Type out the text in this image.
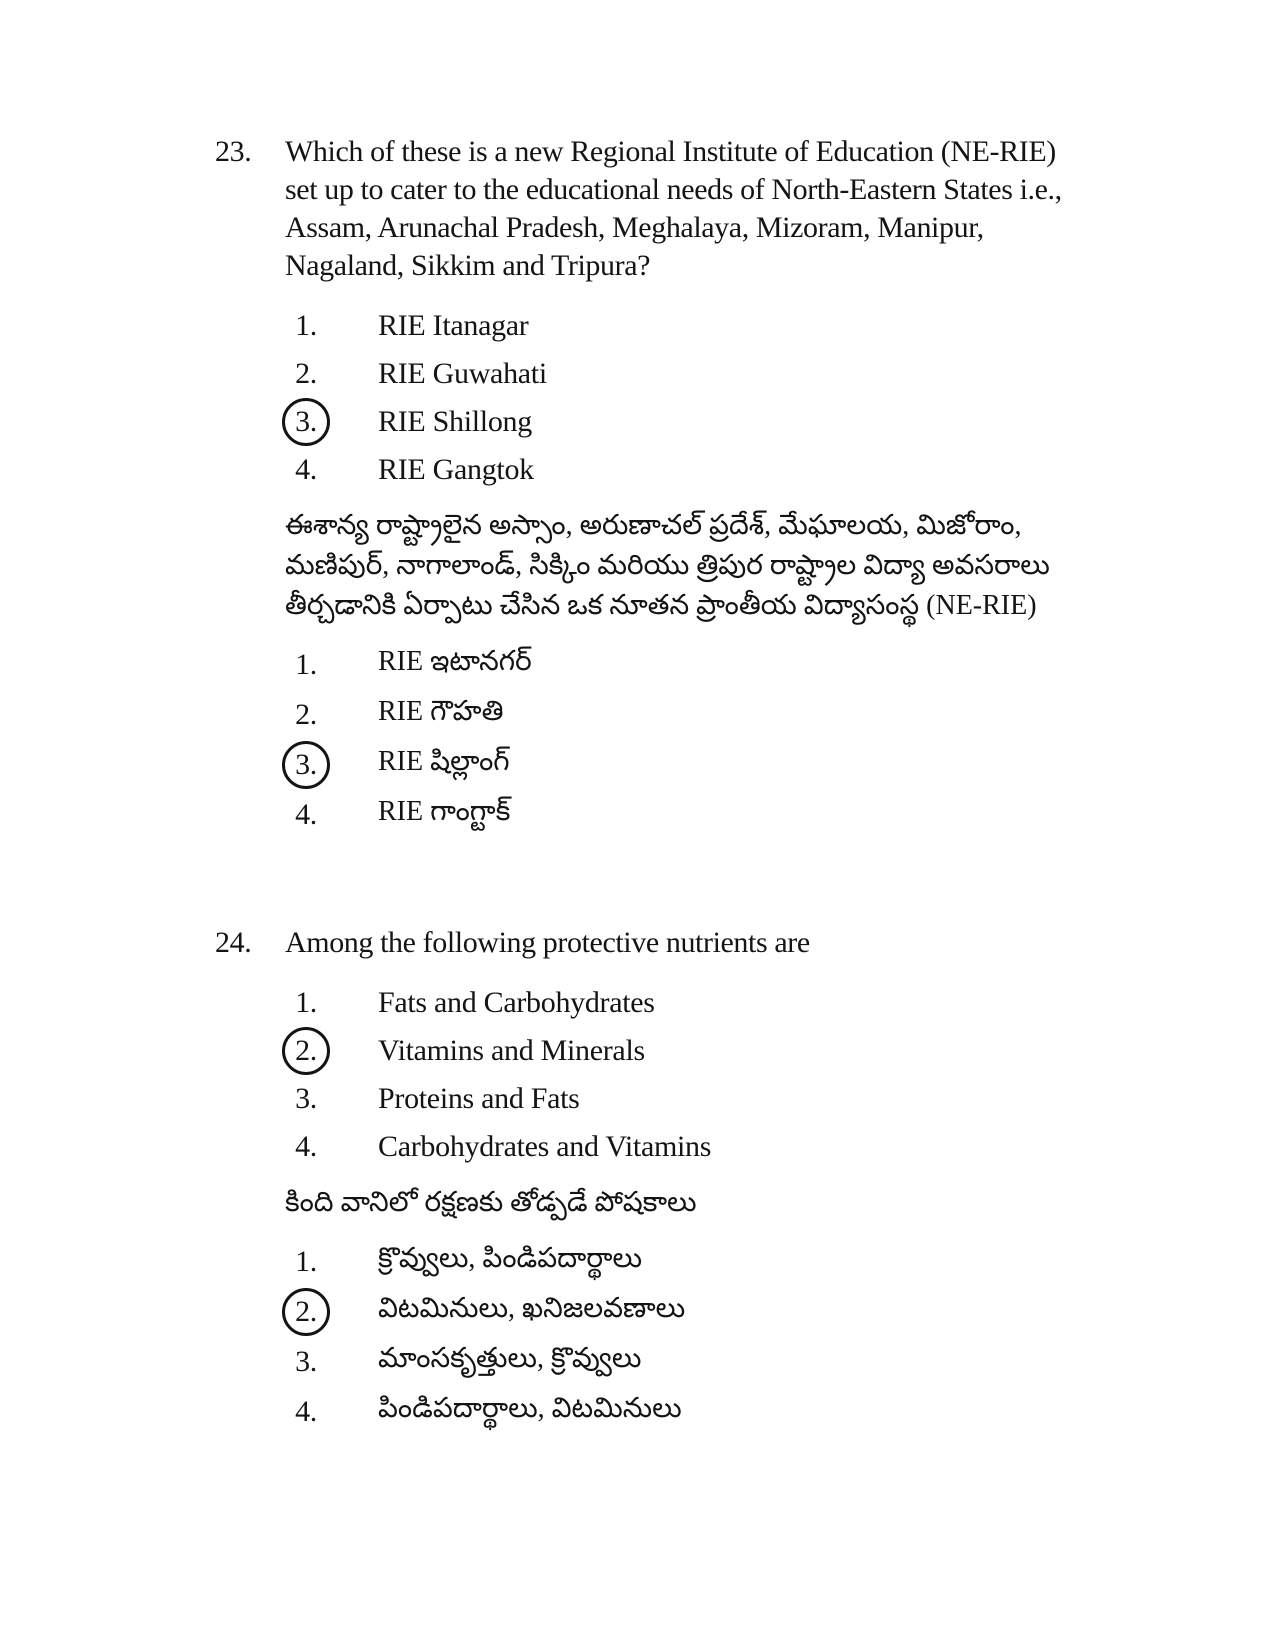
23.	Which of these is a new Regional Institute of Education (NE-RIE)
set up to cater to the educational needs of North-Eastern States i.e.,
Assam, Arunachal Pradesh, Meghalaya, Mizoram, Manipur,
Nagaland, Sikkim and Tripura?
1.	RIE Itanagar
2.	RIE Guwahati
3.	RIE Shillong
4.	RIE Gangtok
ఈశాన్య రాష్ట్రాలైన అస్సాం, అరుణాచల్ ప్రదేశ్, మేఘాలయ, మిజోరాం,
మణిపుర్, నాగాలాండ్, సిక్కిం మరియు త్రిపుర రాష్ట్రాల విద్యా అవసరాలు
తీర్చడానికి ఏర్పాటు చేసిన ఒక నూతన ప్రాంతీయ విద్యాసంస్థ (NE-RIE)
1.	RIE ఇటానగర్
2.	RIE గౌహతి
3.	RIE షిల్లాంగ్
4.	RIE గాంగ్టాక్
24.	Among the following protective nutrients are
1.	Fats and Carbohydrates
2.	Vitamins and Minerals
3.	Proteins and Fats
4.	Carbohydrates and Vitamins
కింది వానిలో రక్షణకు తోడ్పడే పోషకాలు
1.	క్రొవ్వులు, పిండిపదార్థాలు
2.	విటమినులు, ఖనిజలవణాలు
3.	మాంసకృత్తులు, క్రొవ్వులు
4.	పిండిపదార్థాలు, విటమినులు
